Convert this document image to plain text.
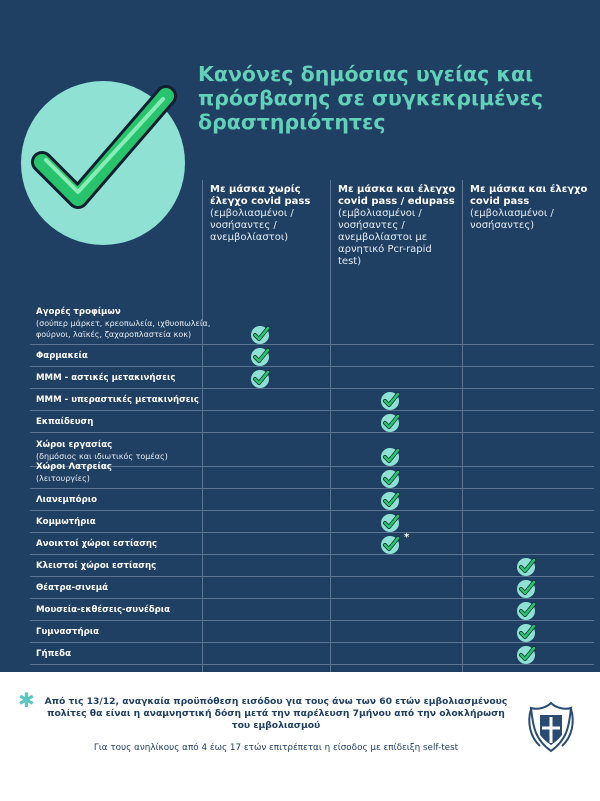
Κανόνες δημόσιας υγείας και πρόσβασης σε συγκεκριμένες δραστηριότητες
Με μάσκα χωρίς έλεγχο covid pass
(εμβολιασμένοι / νοσήσαντες / ανεμβολίαστοι)
Με μάσκα και έλεγχο covid pass / edupass
(εμβολιασμένοι / νοσήσαντες / ανεμβολίαστοι με αρνητικό Pcr-rapid test)
Με μάσκα και έλεγχο covid pass
(εμβολιασμένοι /νοσήσαντες)
Αγορές τροφίμων
(σούπερ μάρκετ, κρεοπωλεία, ιχθυοπωλεία, φούρνοι, λαϊκές, ζαχαροπλαστεία κοκ)
Φαρμακεία
ΜΜΜ - αστικές μετακινήσεις
ΜΜΜ - υπεραστικές μετακινήσεις
Εκπαίδευση
Χώροι εργασίας
(δημόσιος και ιδιωτικός τομέας)
Χώροι Λατρείας
(λειτουργίες)
Λιανεμπόριο
Κομμωτήρια
Ανοικτοί χώροι εστίασης
*
Κλειστοί χώροι εστίασης
Θέατρα-σινεμά
Μουσεία-εκθέσεις-συνέδρια
Γυμναστήρια
Γήπεδα
✱	Από τις 13/12, αναγκαία προϋπόθεση εισόδου για τους άνω των 60 ετών εμβολιασμένους πολίτες θα είναι η αναμνηστική δόση μετά την παρέλευση 7μήνου από την ολοκλήρωση του εμβολιασμού
Για τους ανηλίκους από 4 έως 17 ετών επιτρέπεται η είσοδος με επίδειξη self-test
